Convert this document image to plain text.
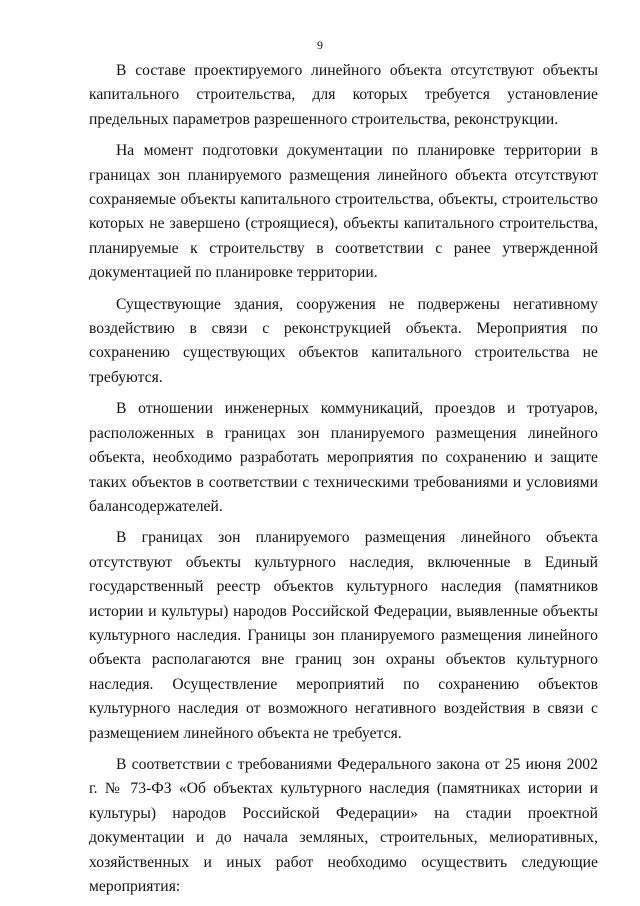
9

В составе проектируемого линейного объекта отсутствуют объекты капитального строительства, для которых требуется установление предельных параметров разрешенного строительства, реконструкции.

На момент подготовки документации по планировке территории в границах зон планируемого размещения линейного объекта отсутствуют сохраняемые объекты капитального строительства, объекты, строительство которых не завершено (строящиеся), объекты капитального строительства, планируемые к строительству в соответствии с ранее утвержденной документацией по планировке территории.

Существующие здания, сооружения не подвержены негативному воздействию в связи с реконструкцией объекта. Мероприятия по сохранению существующих объектов капитального строительства не требуются.

В отношении инженерных коммуникаций, проездов и тротуаров, расположенных в границах зон планируемого размещения линейного объекта, необходимо разработать мероприятия по сохранению и защите таких объектов в соответствии с техническими требованиями и условиями балансодержателей.

В границах зон планируемого размещения линейного объекта отсутствуют объекты культурного наследия, включенные в Единый государственный реестр объектов культурного наследия (памятников истории и культуры) народов Российской Федерации, выявленные объекты культурного наследия. Границы зон планируемого размещения линейного объекта располагаются вне границ зон охраны объектов культурного наследия. Осуществление мероприятий по сохранению объектов культурного наследия от возможного негативного воздействия в связи с размещением линейного объекта не требуется.

В соответствии с требованиями Федерального закона от 25 июня 2002 г. № 73-ФЗ «Об объектах культурного наследия (памятниках истории и культуры) народов Российской Федерации» на стадии проектной документации и до начала земляных, строительных, мелиоративных, хозяйственных и иных работ необходимо осуществить следующие мероприятия:
